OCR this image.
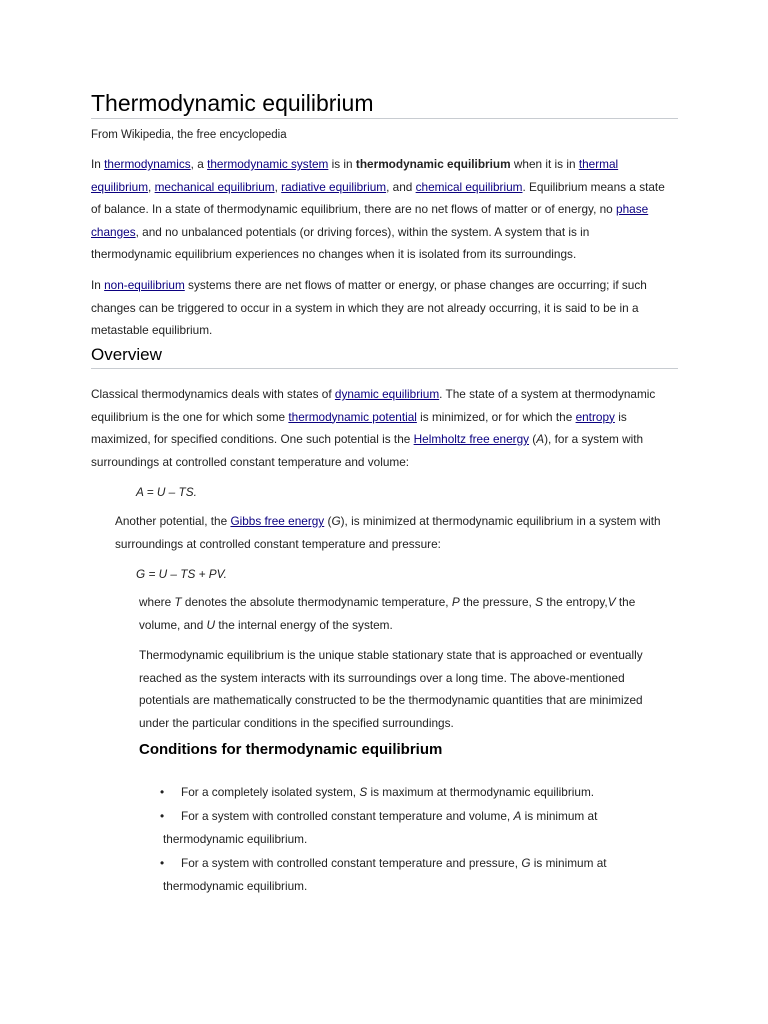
Thermodynamic equilibrium
From Wikipedia, the free encyclopedia

In thermodynamics, a thermodynamic system is in thermodynamic equilibrium when it is in thermal

equilibrium, mechanical equilibrium, radiative equilibrium, and chemical equilibrium. Equilibrium means a state

of balance. In a state of thermodynamic equilibrium, there are no net flows of matter or of energy, no phase

changes, and no unbalanced potentials (or driving forces), within the system. A system that is in

thermodynamic equilibrium experiences no changes when it is isolated from its surroundings.

In non-equilibrium systems there are net flows of matter or energy, or phase changes are occurring; if such

changes can be triggered to occur in a system in which they are not already occurring, it is said to be in a

metastable equilibrium.

Overview

Classical thermodynamics deals with states of dynamic equilibrium. The state of a system at thermodynamic

equilibrium is the one for which some thermodynamic potential is minimized, or for which the entropy is

maximized, for specified conditions. One such potential is the Helmholtz free energy (A), for a system with

surroundings at controlled constant temperature and volume:

A = U – TS.

Another potential, the Gibbs free energy (G), is minimized at thermodynamic equilibrium in a system with

surroundings at controlled constant temperature and pressure:

G = U – TS + PV.

where T denotes the absolute thermodynamic temperature, P the pressure, S the entropy,V the

volume, and U the internal energy of the system.

Thermodynamic equilibrium is the unique stable stationary state that is approached or eventually

reached as the system interacts with its surroundings over a long time. The above-mentioned

potentials are mathematically constructed to be the thermodynamic quantities that are minimized

under the particular conditions in the specified surroundings.

Conditions for thermodynamic equilibrium
• For a completely isolated system, S is maximum at thermodynamic equilibrium.
• For a system with controlled constant temperature and volume, A is minimum at
thermodynamic equilibrium.
• For a system with controlled constant temperature and pressure, G is minimum at
thermodynamic equilibrium.
